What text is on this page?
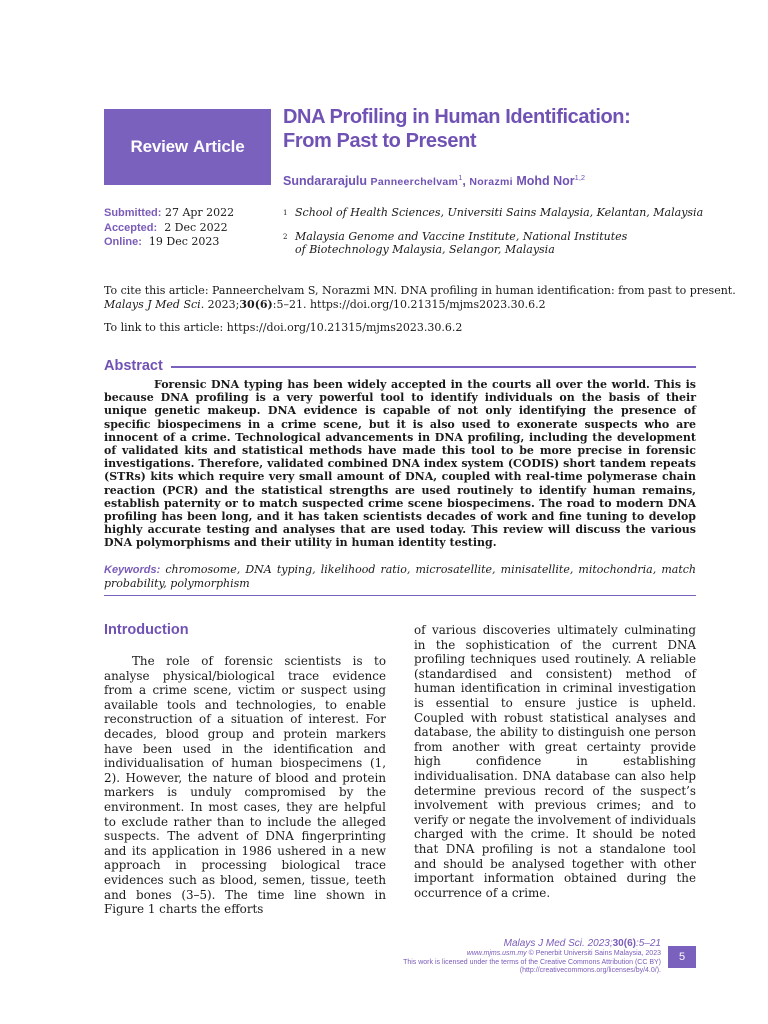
Review Article
DNA Profiling in Human Identification:
From Past to Present
Sundararajulu Panneerchelvam$^1$, Norazmi Mohd Nor$^{1,2}$
Submitted: 27 Apr 2022
Accepted: 2 Dec 2022
Online: 19 Dec 2023
1 School of Health Sciences, Universiti Sains Malaysia, Kelantan, Malaysia
2 Malaysia Genome and Vaccine Institute, National Institutes
of Biotechnology Malaysia, Selangor, Malaysia
To cite this article: Panneerchelvam S, Norazmi MN. DNA profiling in human identification: from past to present.
Malays J Med Sci. 2023;30(6):5–21. https://doi.org/10.21315/mjms2023.30.6.2
To link to this article: https://doi.org/10.21315/mjms2023.30.6.2
Abstract
Forensic DNA typing has been widely accepted in the courts all over the world. This is because DNA profiling is a very powerful tool to identify individuals on the basis of their unique genetic makeup. DNA evidence is capable of not only identifying the presence of specific biospecimens in a crime scene, but it is also used to exonerate suspects who are innocent of a crime. Technological advancements in DNA profiling, including the development of validated kits and statistical methods have made this tool to be more precise in forensic investigations. Therefore, validated combined DNA index system (CODIS) short tandem repeats (STRs) kits which require very small amount of DNA, coupled with real-time polymerase chain reaction (PCR) and the statistical strengths are used routinely to identify human remains, establish paternity or to match suspected crime scene biospecimens. The road to modern DNA profiling has been long, and it has taken scientists decades of work and fine tuning to develop highly accurate testing and analyses that are used today. This review will discuss the various DNA polymorphisms and their utility in human identity testing.
Keywords: chromosome, DNA typing, likelihood ratio, microsatellite, minisatellite, mitochondria, match probability, polymorphism
Introduction
The role of forensic scientists is to analyse physical/biological trace evidence from a crime scene, victim or suspect using available tools and technologies, to enable reconstruction of a situation of interest. For decades, blood group and protein markers have been used in the identification and individualisation of human biospecimens (1, 2). However, the nature of blood and protein markers is unduly compromised by the environment. In most cases, they are helpful to exclude rather than to include the alleged suspects. The advent of DNA fingerprinting and its application in 1986 ushered in a new approach in processing biological trace evidences such as blood, semen, tissue, teeth and bones (3–5). The time line shown in Figure 1 charts the efforts
of various discoveries ultimately culminating in the sophistication of the current DNA profiling techniques used routinely. A reliable (standardised and consistent) method of human identification in criminal investigation is essential to ensure justice is upheld. Coupled with robust statistical analyses and database, the ability to distinguish one person from another with great certainty provide high confidence in establishing individualisation. DNA database can also help determine previous record of the suspect’s involvement with previous crimes; and to verify or negate the involvement of individuals charged with the crime. It should be noted that DNA profiling is not a standalone tool and should be analysed together with other important information obtained during the occurrence of a crime.
Malays J Med Sci. 2023;30(6):5–21
www.mjms.usm.my © Penerbit Universiti Sains Malaysia, 2023
This work is licensed under the terms of the Creative Commons Attribution (CC BY)
(http://creativecommons.org/licenses/by/4.0/).
5
